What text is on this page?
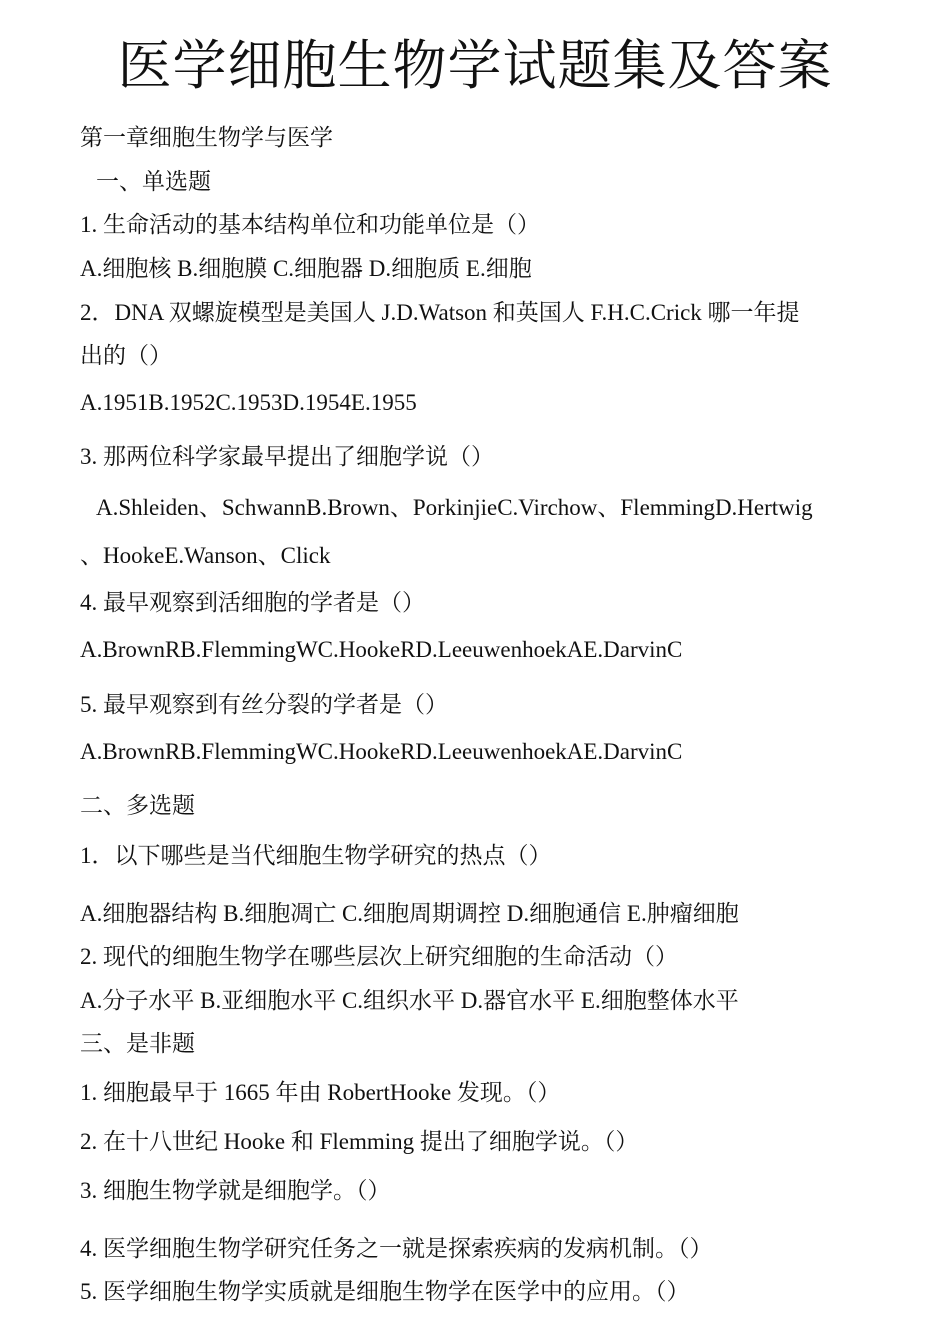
医学细胞生物学试题集及答案
第一章细胞生物学与医学
一、单选题
1. 生命活动的基本结构单位和功能单位是（）
A.细胞核 B.细胞膜 C.细胞器 D.细胞质 E.细胞
2．DNA 双螺旋模型是美国人 J.D.Watson 和英国人 F.H.C.Crick 哪一年提
出的（）
A.1951B.1952C.1953D.1954E.1955
3. 那两位科学家最早提出了细胞学说（）
A.Shleiden、SchwannB.Brown、PorkinjieC.Virchow、FlemmingD.Hertwig
、HookeE.Wanson、Click
4. 最早观察到活细胞的学者是（）
A.BrownRB.FlemmingWC.HookeRD.LeeuwenhoekAE.DarvinC
5. 最早观察到有丝分裂的学者是（）
A.BrownRB.FlemmingWC.HookeRD.LeeuwenhoekAE.DarvinC
二、多选题
1．以下哪些是当代细胞生物学研究的热点（）
A.细胞器结构 B.细胞凋亡 C.细胞周期调控 D.细胞通信 E.肿瘤细胞
2. 现代的细胞生物学在哪些层次上研究细胞的生命活动（）
A.分子水平 B.亚细胞水平 C.组织水平 D.器官水平 E.细胞整体水平
三、是非题
1. 细胞最早于 1665 年由 RobertHooke 发现。（）
2. 在十八世纪 Hooke 和 Flemming 提出了细胞学说。（）
3. 细胞生物学就是细胞学。（）
4. 医学细胞生物学研究任务之一就是探索疾病的发病机制。（）
5. 医学细胞生物学实质就是细胞生物学在医学中的应用。（）
